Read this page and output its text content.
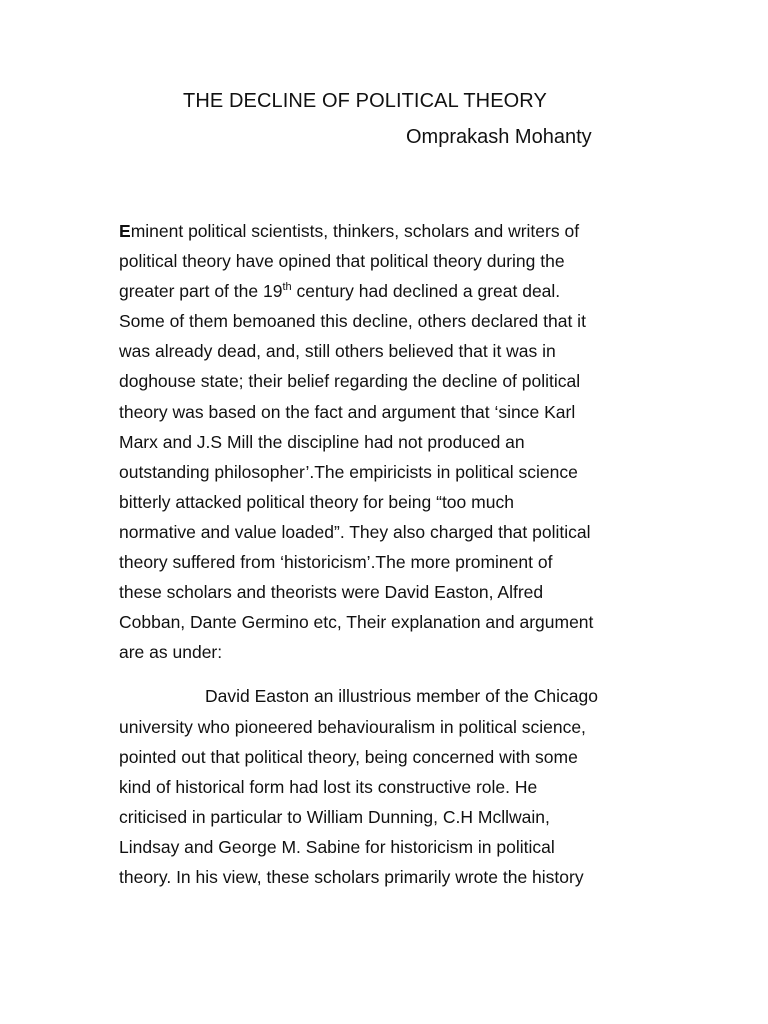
THE DECLINE OF POLITICAL THEORY
Omprakash Mohanty
Eminent political scientists, thinkers, scholars and writers of
political theory have opined that political theory during the
greater part of the 19th century had declined a great deal.
Some of them bemoaned this decline, others declared that it
was already dead, and, still others believed that it was in
doghouse state; their belief regarding the decline of political
theory was based on the fact and argument that ‘since Karl
Marx and J.S Mill the discipline had not produced an
outstanding philosopher’.The empiricists in political science
bitterly attacked political theory for being “too much
normative and value loaded”. They also charged that political
theory suffered from ‘historicism’.The more prominent of
these scholars and theorists were David Easton, Alfred
Cobban, Dante Germino etc, Their explanation and argument
are as under:
David Easton an illustrious member of the Chicago
university who pioneered behaviouralism in political science,
pointed out that political theory, being concerned with some
kind of historical form had lost its constructive role. He
criticised in particular to William Dunning, C.H Mcllwain,
Lindsay and George M. Sabine for historicism in political
theory. In his view, these scholars primarily wrote the history
